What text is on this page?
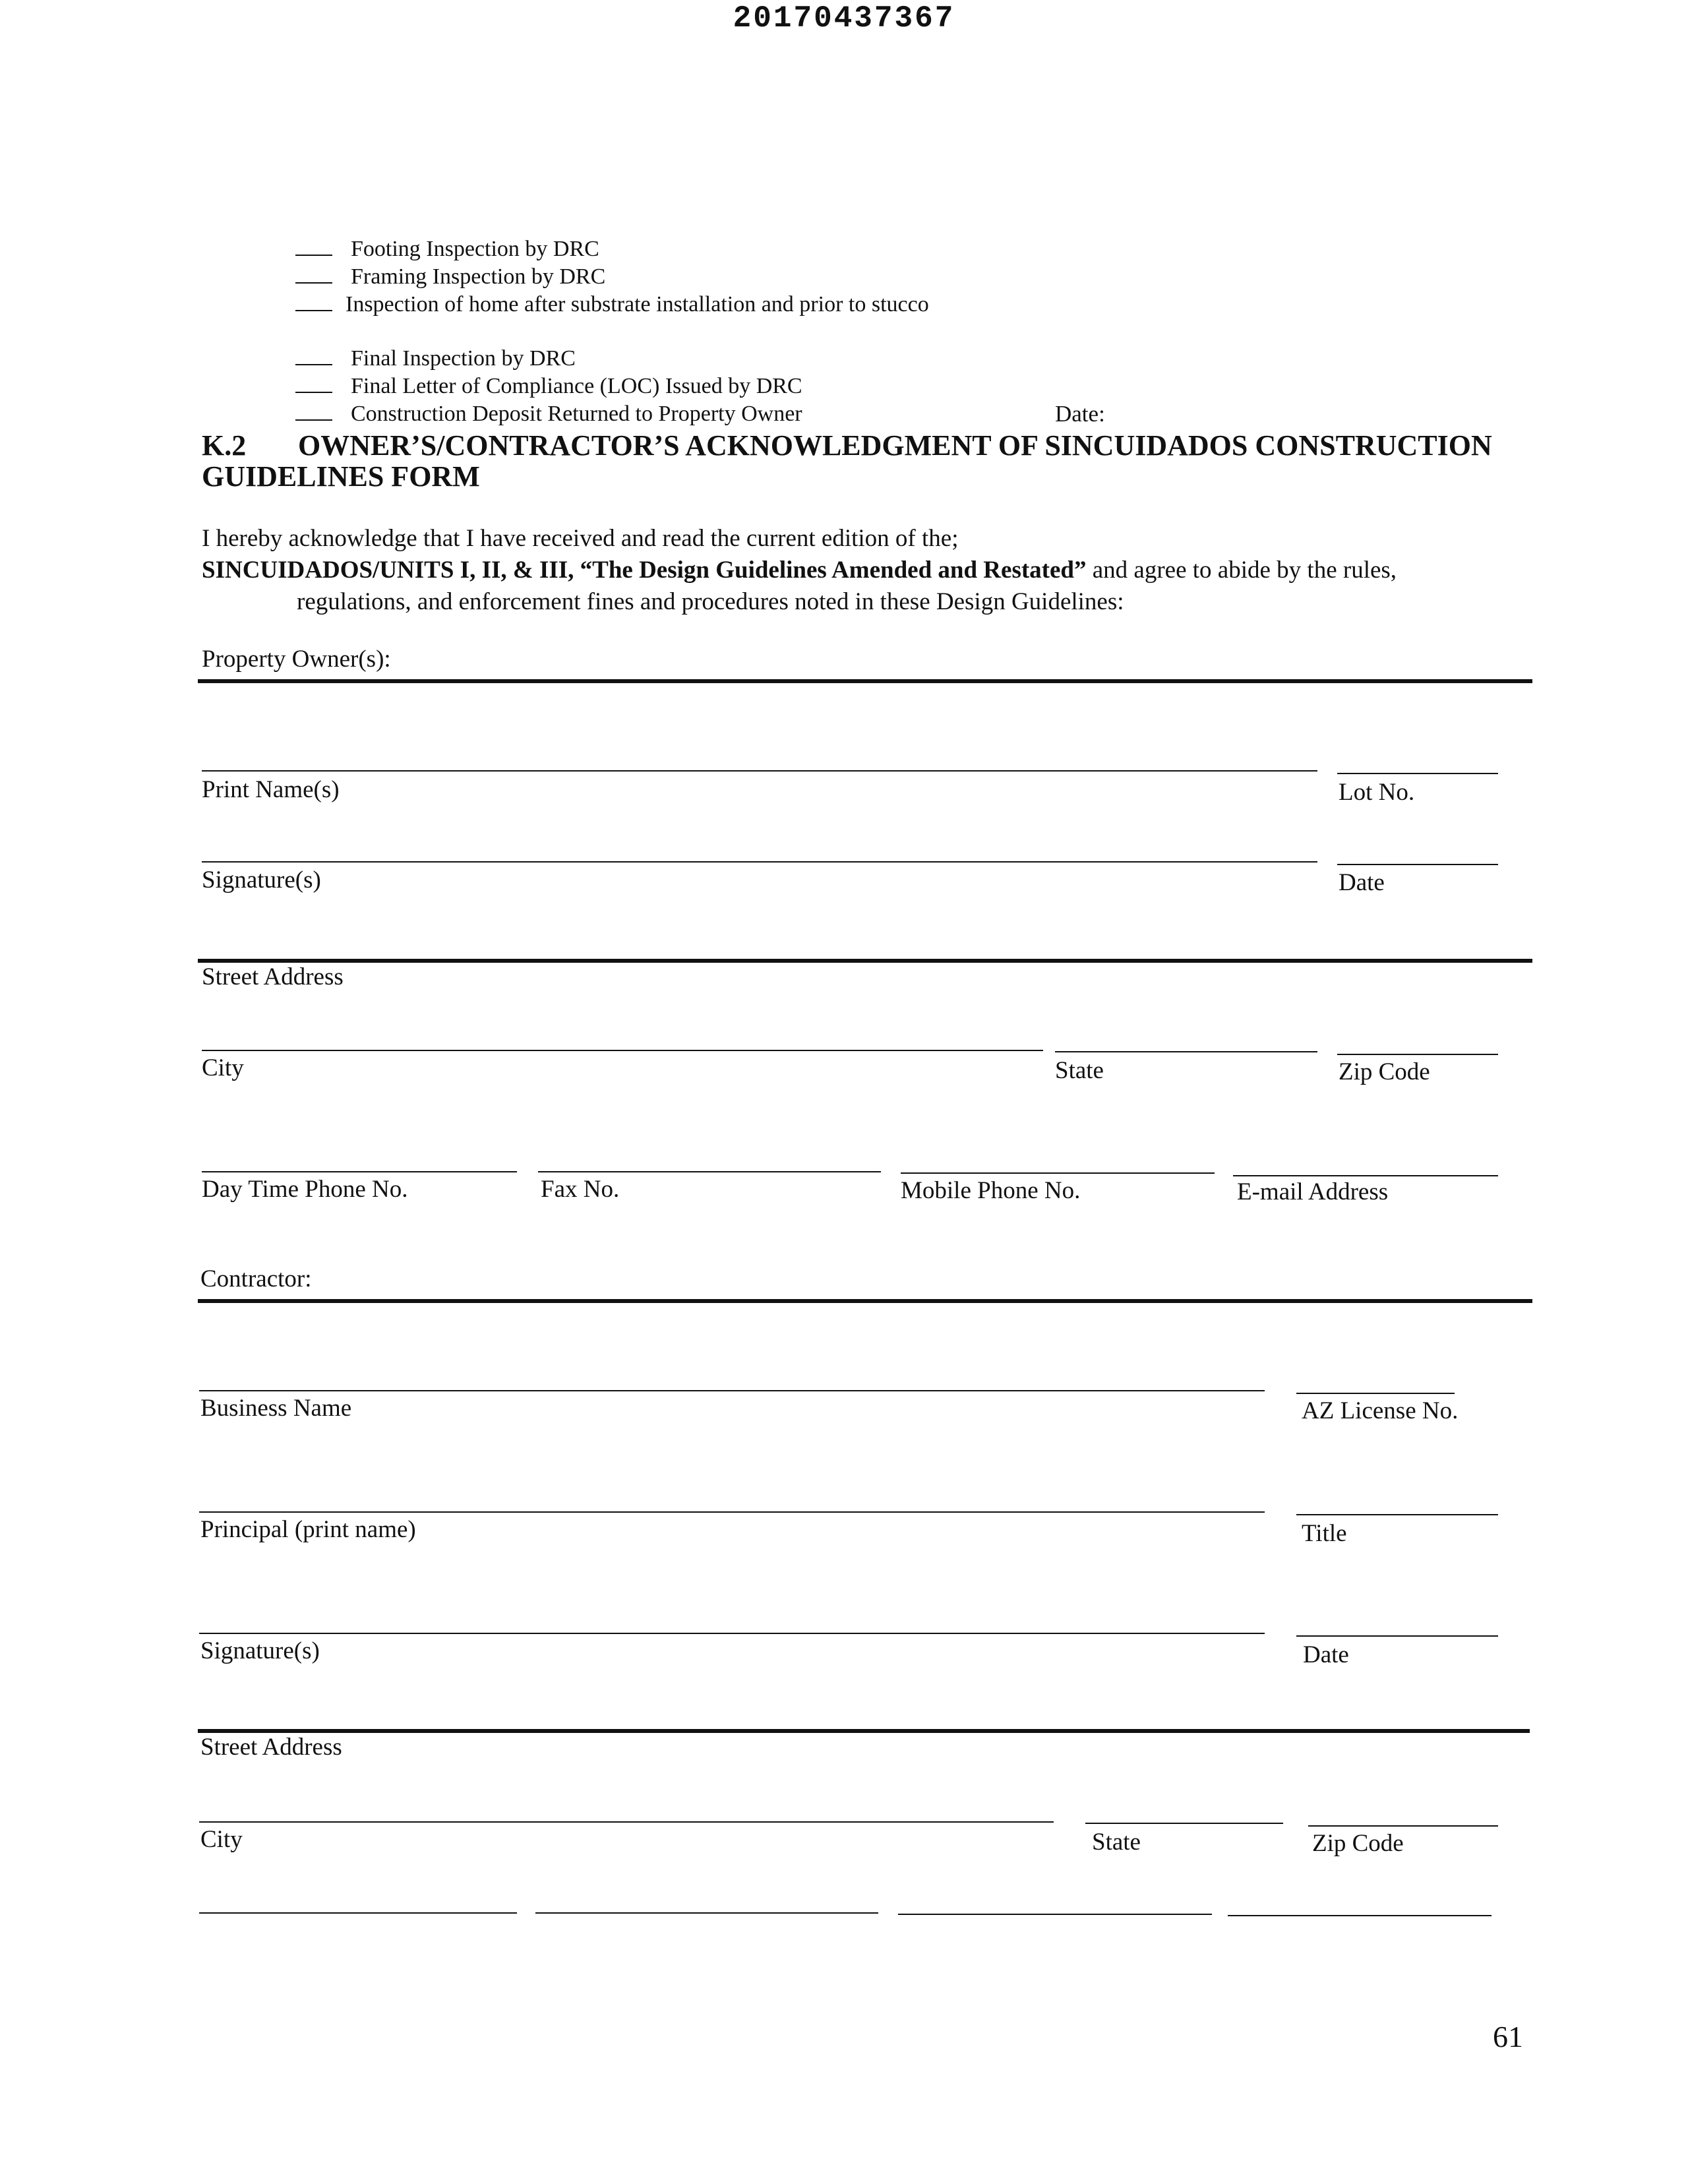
20170437367
Footing Inspection by DRC
Framing Inspection by DRC
Inspection of home after substrate installation and prior to stucco
Final Inspection by DRC
Final Letter of Compliance (LOC) Issued by DRC
Construction Deposit Returned to Property Owner	Date:
K.2 OWNER’S/CONTRACTOR’S ACKNOWLEDGMENT OF SINCUIDADOS CONSTRUCTION
GUIDELINES FORM
I hereby acknowledge that I have received and read the current edition of the;
SINCUIDADOS/UNITS I, II, & III, “The Design Guidelines Amended and Restated” and agree to abide by the rules,
regulations, and enforcement fines and procedures noted in these Design Guidelines:
Property Owner(s):
Print Name(s)	Lot No.
Signature(s)	Date
Street Address
City	State	Zip Code
Day Time Phone No.	Fax No.	Mobile Phone No.	E-mail Address
Contractor:
Business Name	AZ License No.
Principal (print name)	Title
Signature(s)	Date
Street Address
City	State	Zip Code
61
